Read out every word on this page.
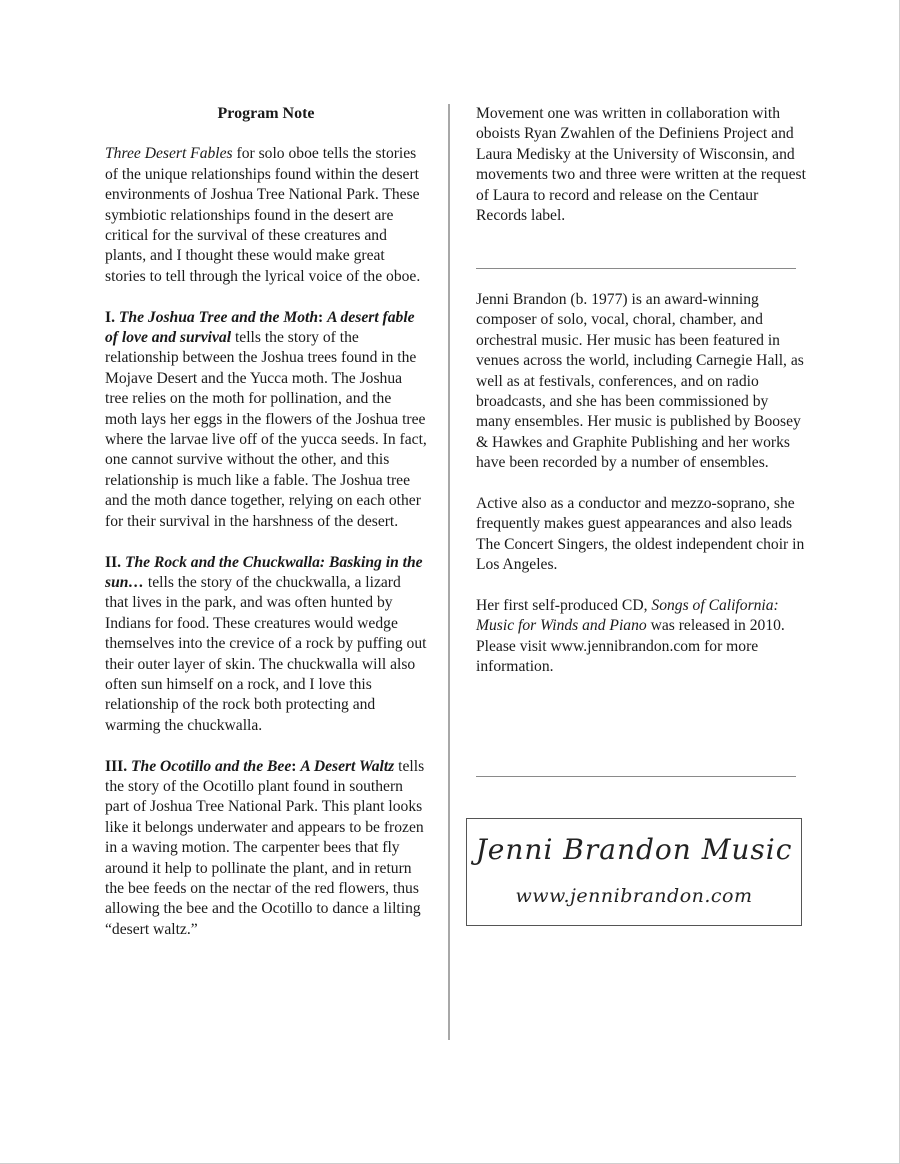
Program Note

Three Desert Fables for solo oboe tells the stories of the unique relationships found within the desert environments of Joshua Tree National Park. These symbiotic relationships found in the desert are critical for the survival of these creatures and plants, and I thought these would make great stories to tell through the lyrical voice of the oboe.

I. The Joshua Tree and the Moth: A desert fable of love and survival tells the story of the relationship between the Joshua trees found in the Mojave Desert and the Yucca moth. The Joshua tree relies on the moth for pollination, and the moth lays her eggs in the flowers of the Joshua tree where the larvae live off of the yucca seeds. In fact, one cannot survive without the other, and this relationship is much like a fable. The Joshua tree and the moth dance together, relying on each other for their survival in the harshness of the desert.

II. The Rock and the Chuckwalla: Basking in the sun… tells the story of the chuckwalla, a lizard that lives in the park, and was often hunted by Indians for food. These creatures would wedge themselves into the crevice of a rock by puffing out their outer layer of skin. The chuckwalla will also often sun himself on a rock, and I love this relationship of the rock both protecting and warming the chuckwalla.

III. The Ocotillo and the Bee: A Desert Waltz tells the story of the Ocotillo plant found in southern part of Joshua Tree National Park. This plant looks like it belongs underwater and appears to be frozen in a waving motion. The carpenter bees that fly around it help to pollinate the plant, and in return the bee feeds on the nectar of the red flowers, thus allowing the bee and the Ocotillo to dance a lilting “desert waltz.”

Movement one was written in collaboration with oboists Ryan Zwahlen of the Definiens Project and Laura Medisky at the University of Wisconsin, and movements two and three were written at the request of Laura to record and release on the Centaur Records label.

Jenni Brandon (b. 1977) is an award-winning composer of solo, vocal, choral, chamber, and orchestral music. Her music has been featured in venues across the world, including Carnegie Hall, as well as at festivals, conferences, and on radio broadcasts, and she has been commissioned by many ensembles. Her music is published by Boosey & Hawkes and Graphite Publishing and her works have been recorded by a number of ensembles.

Active also as a conductor and mezzo-soprano, she frequently makes guest appearances and also leads The Concert Singers, the oldest independent choir in Los Angeles.

Her first self-produced CD, Songs of California: Music for Winds and Piano was released in 2010. Please visit www.jennibrandon.com for more information.

Jenni Brandon Music
www.jennibrandon.com
